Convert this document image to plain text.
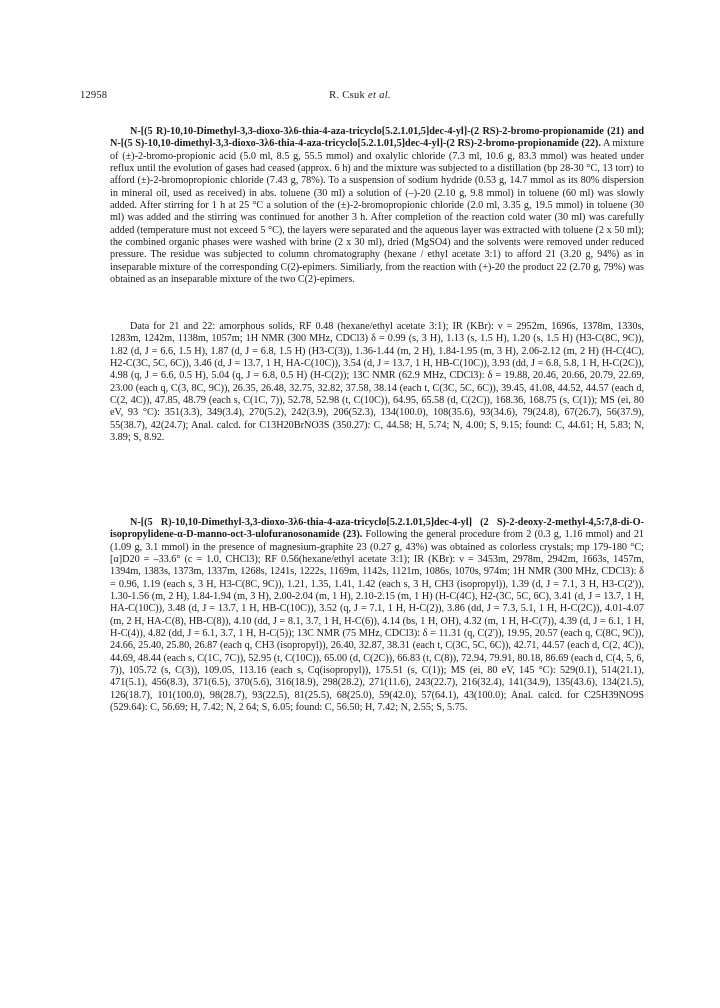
12958	R. Csuk et al.

N-[(5 R)-10,10-Dimethyl-3,3-dioxo-3λ6-thia-4-aza-tricyclo[5.2.1.01,5]dec-4-yl]-(2 RS)-2-bromo-propionamide (21) and N-[(5 S)-10,10-dimethyl-3,3-dioxo-3λ6-thia-4-aza-tricyclo[5.2.1.01,5]dec-4-yl]-(2 RS)-2-bromo-propionamide (22). A mixture of (±)-2-bromo-propionic acid (5.0 ml, 8.5 g, 55.5 mmol) and oxalylic chloride (7.3 ml, 10.6 g, 83.3 mmol) was heated under reflux until the evolution of gases had ceased (approx. 6 h) and the mixture was subjected to a distillation (bp 28-30 °C, 13 torr) to afford (±)-2-bromopropionic chloride (7.43 g, 78%). To a suspension of sodium hydride (0.53 g, 14.7 mmol as its 80% dispersion in mineral oil, used as received) in abs. toluene (30 ml) a solution of (–)-20 (2.10 g, 9.8 mmol) in toluene (60 ml) was slowly added. After stirring for 1 h at 25 °C a solution of the (±)-2-bromopropionic chloride (2.0 ml, 3.35 g, 19.5 mmol) in toluene (30 ml) was added and the stirring was continued for another 3 h. After completion of the reaction cold water (30 ml) was carefully added (temperature must not exceed 5 °C), the layers were separated and the aqueous layer was extracted with toluene (2 x 50 ml); the combined organic phases were washed with brine (2 x 30 ml), dried (MgSO4) and the solvents were removed under reduced pressure. The residue was subjected to column chromatography (hexane / ethyl acetate 3:1) to afford 21 (3.20 g, 94%) as in inseparable mixture of the corresponding C(2)-epimers. Similiarly, from the reaction with (+)-20 the product 22 (2.70 g, 79%) was obtained as an inseparable mixture of the two C(2)-epimers.

Data for 21 and 22: amorphous solids, RF 0.48 (hexane/ethyl acetate 3:1); IR (KBr): ν = 2952m, 1696s, 1378m, 1330s, 1283m, 1242m, 1138m, 1057m; 1H NMR (300 MHz, CDCl3) δ = 0.99 (s, 3 H), 1.13 (s, 1.5 H), 1.20 (s, 1.5 H) (H3-C(8C, 9C)), 1.82 (d, J = 6.6, 1.5 H), 1.87 (d, J = 6.8, 1.5 H) (H3-C(3)), 1.36-1.44 (m, 2 H), 1.84-1.95 (m, 3 H), 2.06-2.12 (m, 2 H) (H-C(4C), H2-C(3C, 5C, 6C)), 3.46 (d, J = 13.7, 1 H, HA-C(10C)), 3.54 (d, J = 13.7, 1 H, HB-C(10C)), 3.93 (dd, J = 6.8, 5.8, 1 H, H-C(2C)), 4.98 (q, J = 6.6, 0.5 H), 5.04 (q, J = 6.8, 0.5 H) (H-C(2)); 13C NMR (62.9 MHz, CDCl3): δ = 19.88, 20.46, 20.66, 20.79, 22.69, 23.00 (each q, C(3, 8C, 9C)), 26.35, 26.48, 32.75, 32.82, 37.58, 38.14 (each t, C(3C, 5C, 6C)), 39.45, 41.08, 44.52, 44.57 (each d, C(2, 4C)), 47.85, 48.79 (each s, C(1C, 7)), 52.78, 52.98 (t, C(10C)), 64.95, 65.58 (d, C(2C)), 168.36, 168.75 (s, C(1)); MS (ei, 80 eV, 93 °C): 351(3.3), 349(3.4), 270(5.2), 242(3.9), 206(52.3), 134(100.0), 108(35.6), 93(34.6), 79(24.8), 67(26.7), 56(37.9), 55(38.7), 42(24.7); Anal. calcd. for C13H20BrNO3S (350.27): C, 44.58; H, 5.74; N, 4.00; S, 9.15; found: C, 44.61; H, 5.83; N, 3.89; S, 8.92.

N-[(5 R)-10,10-Dimethyl-3,3-dioxo-3λ6-thia-4-aza-tricyclo[5.2.1.01,5]dec-4-yl] (2 S)-2-deoxy-2-methyl-4,5:7,8-di-O-isopropylidene-α-D-manno-oct-3-ulofuranosonamide (23). Following the general procedure from 2 (0.3 g, 1.16 mmol) and 21 (1.09 g, 3.1 mmol) in the presence of magnesium-graphite 23 (0.27 g, 43%) was obtained as colorless crystals; mp 179-180 °C; [α]D20 = –33.6° (c = 1.0, CHCl3); RF 0.56(hexane/ethyl acetate 3:1); IR (KBr): ν = 3453m, 2978m, 2942m, 1663s, 1457m, 1394m, 1383s, 1373m, 1337m, 1268s, 1241s, 1222s, 1169m, 1142s, 1121m, 1086s, 1070s, 974m; 1H NMR (300 MHz, CDCl3): δ = 0.96, 1.19 (each s, 3 H, H3-C(8C, 9C)), 1.21, 1.35, 1.41, 1.42 (each s, 3 H, CH3 (isopropyl)), 1.39 (d, J = 7.1, 3 H, H3-C(2')), 1.30-1.56 (m, 2 H), 1.84-1.94 (m, 3 H), 2.00-2.04 (m, 1 H), 2.10-2.15 (m, 1 H) (H-C(4C), H2-(3C, 5C, 6C), 3.41 (d, J = 13.7, 1 H, HA-C(10C)), 3.48 (d, J = 13.7, 1 H, HB-C(10C)), 3.52 (q, J = 7.1, 1 H, H-C(2)), 3.86 (dd, J = 7.3, 5.1, 1 H, H-C(2C)), 4.01-4.07 (m, 2 H, HA-C(8), HB-C(8)), 4.10 (dd, J = 8.1, 3.7, 1 H, H-C(6)), 4.14 (bs, 1 H, OH), 4.32 (m, 1 H, H-C(7)), 4.39 (d, J = 6.1, 1 H, H-C(4)), 4.82 (dd, J = 6.1, 3.7, 1 H, H-C(5)); 13C NMR (75 MHz, CDCl3): δ = 11.31 (q, C(2')), 19.95, 20.57 (each q, C(8C, 9C)), 24.66, 25.40, 25.80, 26.87 (each q, CH3 (isopropyl)), 26.40, 32.87, 38.31 (each t, C(3C, 5C, 6C)), 42.71, 44.57 (each d, C(2, 4C)), 44.69, 48.44 (each s, C(1C, 7C)), 52.95 (t, C(10C)), 65.00 (d, C(2C)), 66.83 (t, C(8)), 72.94, 79.91, 80.18, 86.69 (each d, C(4, 5, 6, 7)), 105.72 (s, C(3)), 109.05, 113.16 (each s, Cq(isopropyl)), 175.51 (s, C(1)); MS (ei, 80 eV, 145 °C): 529(0.1), 514(21.1), 471(5.1), 456(8.3), 371(6.5), 370(5.6), 316(18.9), 298(28.2), 271(11.6), 243(22.7), 216(32.4), 141(34.9), 135(43.6), 134(21.5), 126(18.7), 101(100.0), 98(28.7), 93(22.5), 81(25.5), 68(25.0), 59(42.0), 57(64.1), 43(100.0); Anal. calcd. for C25H39NO9S (529.64): C, 56.69; H, 7.42; N, 2 64; S, 6.05; found: C, 56.50; H, 7.42; N, 2.55; S, 5.75.
